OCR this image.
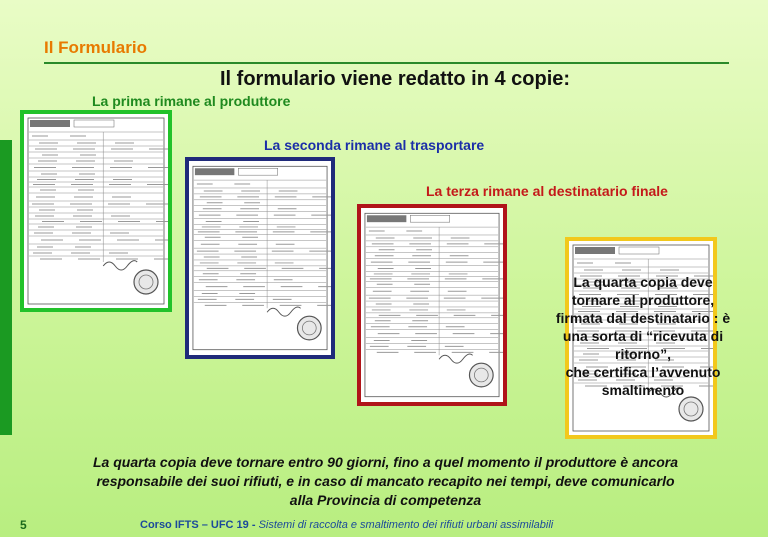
Il Formulario
Il formulario viene redatto in 4 copie:
La prima rimane al produttore
La seconda rimane al trasportare
La terza rimane al destinatario finale
La quarta copia deve
tornare al produttore,
firmata dal destinatario : è
una sorta di “ricevuta di
ritorno”,
che certifica l’avvenuto
smaltimento
La quarta copia deve tornare entro 90 giorni, fino a quel momento il produttore è ancora
responsabile dei suoi rifiuti, e in caso di mancato recapito nei tempi, deve comunicarlo
alla Provincia di competenza
5	Corso IFTS – UFC 19 - Sistemi di raccolta e smaltimento dei rifiuti urbani assimilabili
